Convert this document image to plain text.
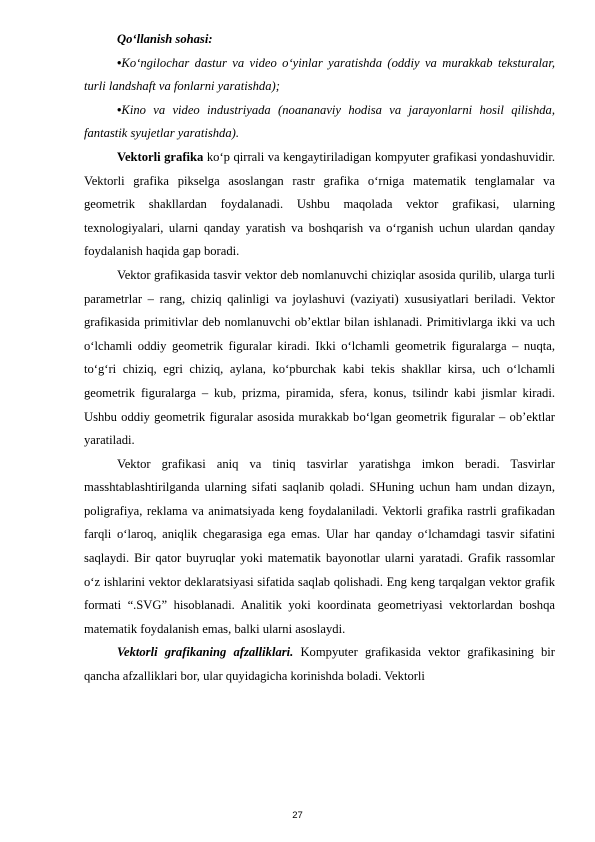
Qo‘llanish sohasi:

•Ko‘ngilochar dastur va video o‘yinlar yaratishda (oddiy va murakkab teksturalar, turli landshaft va fonlarni yaratishda);

•Kino va video industriyada (noananaviy hodisa va jarayonlarni hosil qilishda, fantastik syujetlar yaratishda).

Vektorli grafika ko‘p qirrali va kengaytiriladigan kompyuter grafikasi yondashuvidir. Vektorli grafika pikselga asoslangan rastr grafika o‘rniga matematik tenglamalar va geometrik shakllardan foydalanadi. Ushbu maqolada vektor grafikasi, ularning texnologiyalari, ularni qanday yaratish va boshqarish va o‘rganish uchun ulardan qanday foydalanish haqida gap boradi.

Vektor grafikasida tasvir vektor deb nomlanuvchi chiziqlar asosida qurilib, ularga turli parametrlar – rang, chiziq qalinligi va joylashuvi (vaziyati) xususiyatlari beriladi. Vektor grafikasida primitivlar deb nomlanuvchi ob’ektlar bilan ishlanadi. Primitivlarga ikki va uch o‘lchamli oddiy geometrik figuralar kiradi. Ikki o‘lchamli geometrik figuralarga – nuqta, to‘g‘ri chiziq, egri chiziq, aylana, ko‘pburchak kabi tekis shakllar kirsa, uch o‘lchamli geometrik figuralarga – kub, prizma, piramida, sfera, konus, tsilindr kabi jismlar kiradi. Ushbu oddiy geometrik figuralar asosida murakkab bo‘lgan geometrik figuralar – ob’ektlar yaratiladi.

Vektor grafikasi aniq va tiniq tasvirlar yaratishga imkon beradi. Tasvirlar masshtablashtirilganda ularning sifati saqlanib qoladi. SHuning uchun ham undan dizayn, poligrafiya, reklama va animatsiyada keng foydalaniladi. Vektorli grafika rastrli grafikadan farqli o‘laroq, aniqlik chegarasiga ega emas. Ular har qanday o‘lchamdagi tasvir sifatini saqlaydi. Bir qator buyruqlar yoki matematik bayonotlar ularni yaratadi. Grafik rassomlar o‘z ishlarini vektor deklaratsiyasi sifatida saqlab qolishadi. Eng keng tarqalgan vektor grafik formati “.SVG” hisoblanadi. Analitik yoki koordinata geometriyasi vektorlardan boshqa matematik foydalanish emas, balki ularni asoslaydi.

Vektorli grafikaning afzalliklari. Kompyuter grafikasida vektor grafikasining bir qancha afzalliklari bor, ular quyidagicha korinishda boladi. Vektorli

27
